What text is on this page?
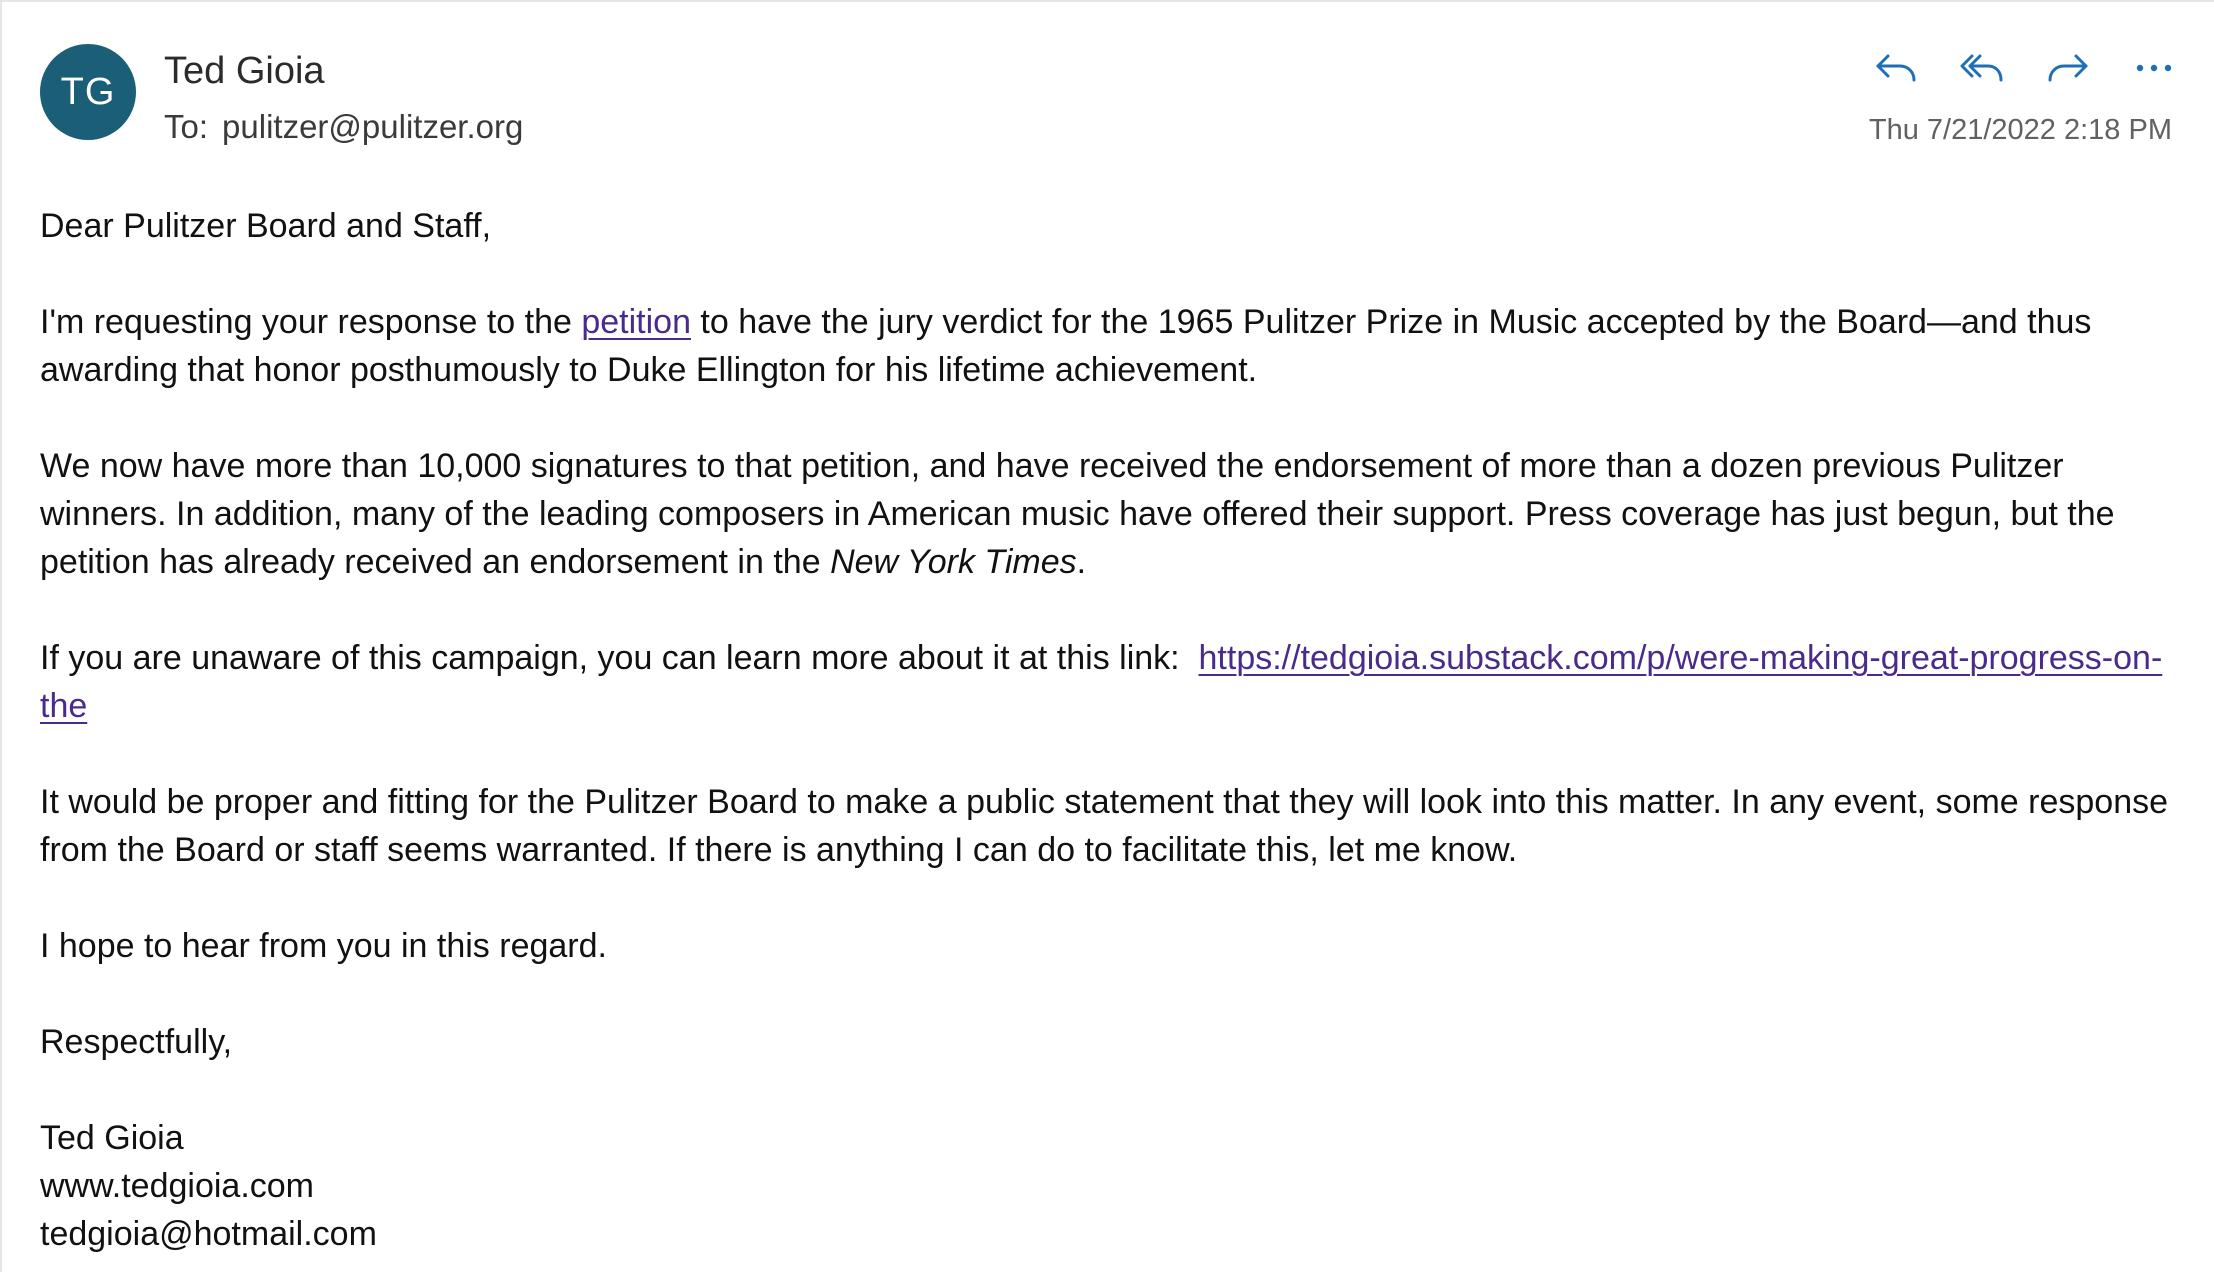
TG Ted Gioia
To: pulitzer@pulitzer.org	Thu 7/21/2022 2:18 PM

Dear Pulitzer Board and Staff,

I'm requesting your response to the petition to have the jury verdict for the 1965 Pulitzer Prize in Music accepted by the Board—and thus awarding that honor posthumously to Duke Ellington for his lifetime achievement.

We now have more than 10,000 signatures to that petition, and have received the endorsement of more than a dozen previous Pulitzer winners. In addition, many of the leading composers in American music have offered their support. Press coverage has just begun, but the petition has already received an endorsement in the New York Times.

If you are unaware of this campaign, you can learn more about it at this link:  https://tedgioia.substack.com/p/were-making-great-progress-on-the

It would be proper and fitting for the Pulitzer Board to make a public statement that they will look into this matter. In any event, some response from the Board or staff seems warranted. If there is anything I can do to facilitate this, let me know.

I hope to hear from you in this regard.

Respectfully,

Ted Gioia

www.tedgioia.com

tedgioia@hotmail.com
